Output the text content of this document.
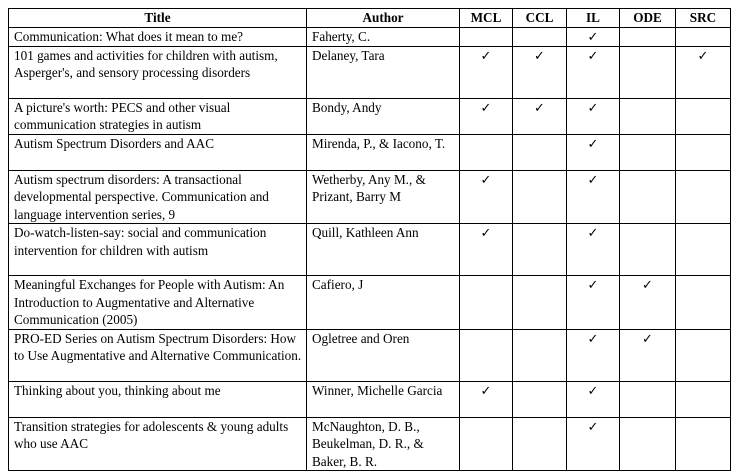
Title	Author	MCL	CCL	IL	ODE	SRC
Communication: What does it mean to me?	Faherty, C.			✓		
101 games and activities for children with autism, Asperger's, and sensory processing disorders	Delaney, Tara	✓	✓	✓		✓
A picture's worth: PECS and other visual communication strategies in autism	Bondy, Andy	✓	✓	✓		
Autism Spectrum Disorders and AAC	Mirenda, P., & Iacono, T.			✓		
Autism spectrum disorders: A transactional developmental perspective. Communication and language intervention series, 9	Wetherby, Any M., & Prizant, Barry M	✓		✓		
Do-watch-listen-say: social and communication intervention for children with autism	Quill, Kathleen Ann	✓		✓		
Meaningful Exchanges for People with Autism: An Introduction to Augmentative and Alternative Communication (2005)	Cafiero, J			✓	✓	
PRO-ED Series on Autism Spectrum Disorders: How to Use Augmentative and Alternative Communication.	Ogletree and Oren			✓	✓	
Thinking about you, thinking about me	Winner, Michelle Garcia	✓		✓		
Transition strategies for adolescents & young adults who use AAC	McNaughton, D. B., Beukelman, D. R., & Baker, B. R.			✓		
